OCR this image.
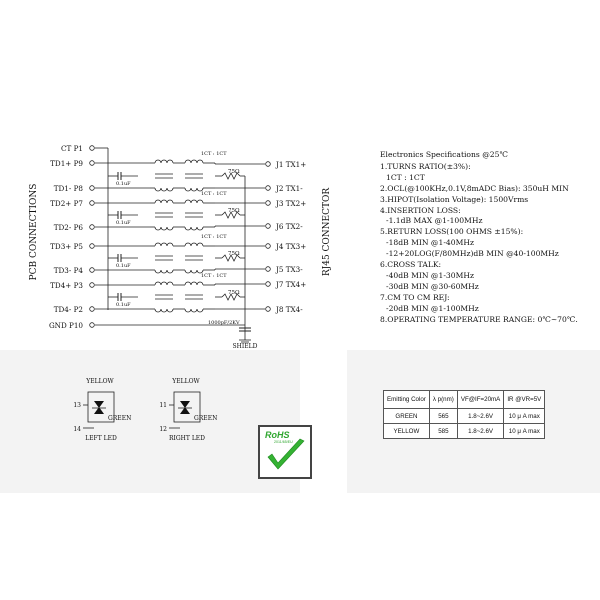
CT P1
TD1+ P9
TD1- P8
TD2+ P7
TD2- P6
TD3+ P5
TD3- P4
TD4+ P3
TD4- P2
GND P10
J1 TX1+
J2 TX1-
J3 TX2+
J6 TX2-
J4 TX3+
J5 TX3-
J7 TX4+
J8 TX4-
PCB CONNECTIONS	RJ45 CONNECTOR
0.1uF
1CT : 1CT
75Ω
0.1uF
1CT : 1CT
75Ω
0.1uF
1CT : 1CT
75Ω
0.1uF
1CT : 1CT
75Ω
1000pF/2KV
SHIELD
YELLOW
13
14
GREEN
LEFT LED
YELLOW
11
12
GREEN
RIGHT LED
Electronics Specifications @25℃
1.TURNS RATIO(±3%):
1CT : 1CT
2.OCL(@100KHz,0.1V,8mADC Bias): 350uH MIN
3.HIPOT(Isolation Voltage): 1500Vrms
4.INSERTION LOSS:
-1.1dB MAX @1-100MHz
5.RETURN LOSS(100 OHMS ±15%):
-18dB MIN @1-40MHz
-12+20LOG(F/80MHz)dB MIN @40-100MHz
6.CROSS TALK:
-40dB MIN @1-30MHz
-30dB MIN @30-60MHz
7.CM TO CM REJ:
-20dB MIN @1-100MHz
8.OPERATING TEMPERATURE RANGE: 0℃~70℃.
Emitting Color	λ p(nm)	VF@IF=20mA	IR @VR=5V
GREEN	565	1.8~2.6V	10 μ A max
YELLOW	585	1.8~2.6V	10 μ A max
RoHS
2011/65/EU
